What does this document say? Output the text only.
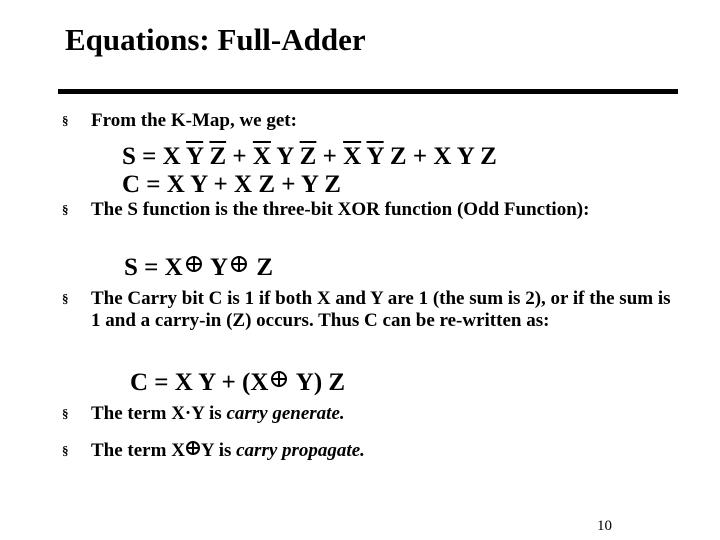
Equations: Full-Adder
§ From the K-Map, we get:
S = X $\overline{Y}$ $\overline{Z} + \overline{X}$ Y $\overline{Z} + \overline{X}$ $\overline{Y}$ Z + X Y Z
C = X Y + X Z + Y Z
§ The S function is the three-bit XOR function (Odd Function):
S = X Y Z
§ The Carry bit C is 1 if both X and Y are 1 (the sum is 2), or if the sum is 1 and a carry-in (Z) occurs. Thus C can be re-written as:
C = X Y + (X Y) Z
§ The term X·Y is carry generate.
§ The term X Y is carry propagate.
10
